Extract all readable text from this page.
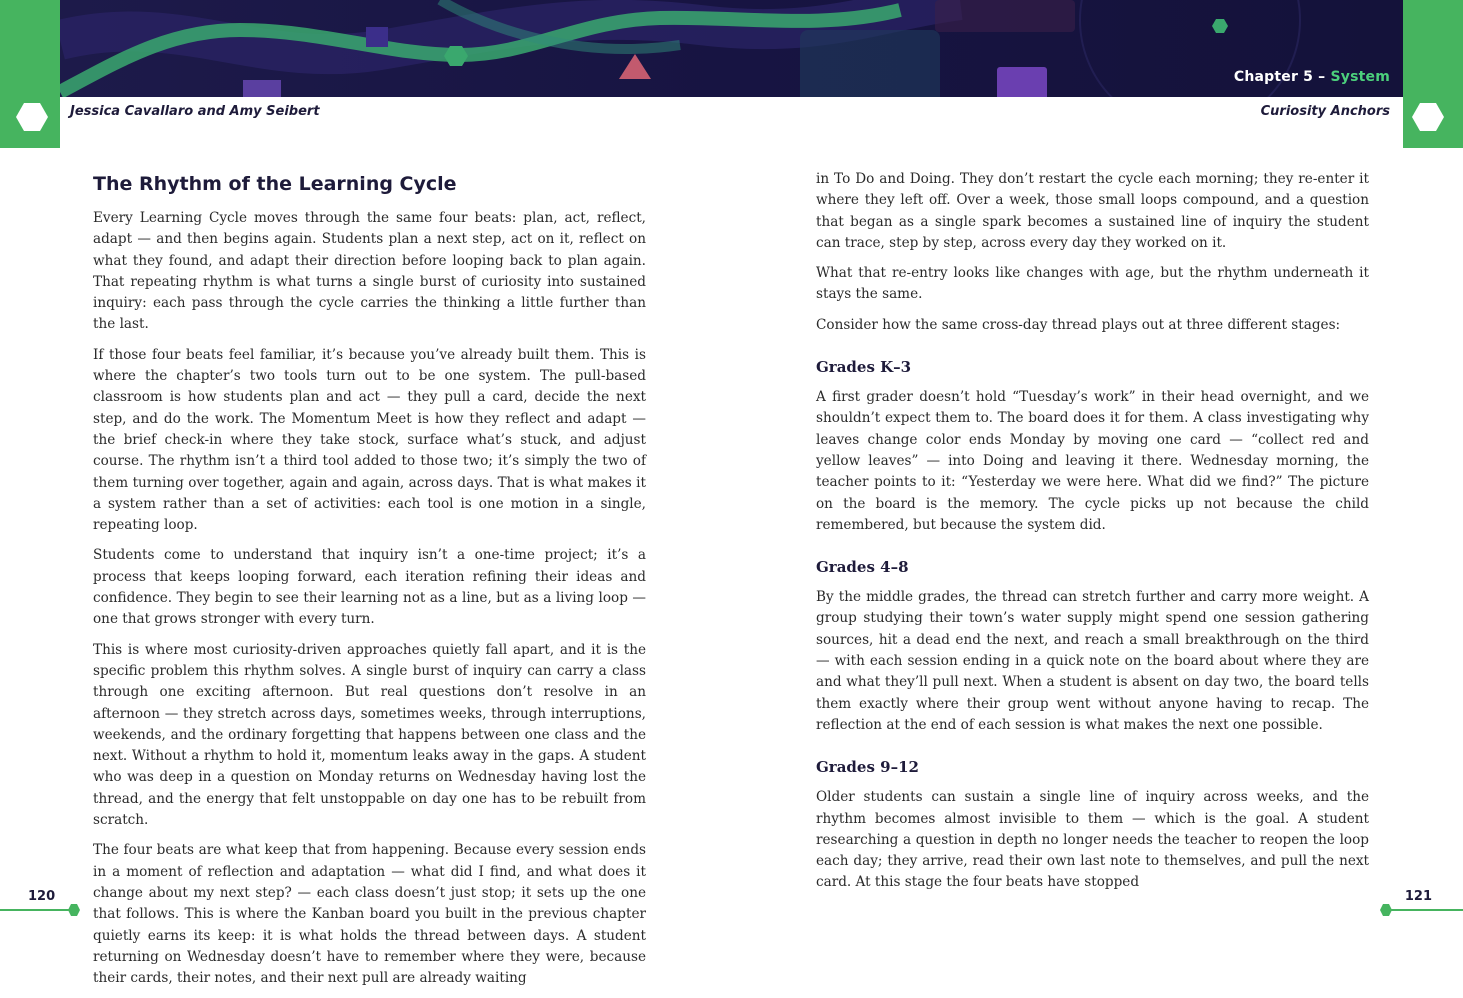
Chapter 5 – System
Jessica Cavallaro and Amy Seibert	Curiosity Anchors
The Rhythm of the Learning Cycle

Every Learning Cycle moves through the same four beats: plan, act, reflect, adapt — and then begins again. Students plan a next step, act on it, reflect on what they found, and adapt their direction before looping back to plan again. That repeating rhythm is what turns a single burst of curiosity into sustained inquiry: each pass through the cycle carries the thinking a little further than the last.

If those four beats feel familiar, it’s because you’ve already built them. This is where the chapter’s two tools turn out to be one system. The pull-based classroom is how students plan and act — they pull a card, decide the next step, and do the work. The Momentum Meet is how they reflect and adapt — the brief check-in where they take stock, surface what’s stuck, and adjust course. The rhythm isn’t a third tool added to those two; it’s simply the two of them turning over together, again and again, across days. That is what makes it a system rather than a set of activities: each tool is one motion in a single, repeating loop.

Students come to understand that inquiry isn’t a one-time project; it’s a process that keeps looping forward, each iteration refining their ideas and confidence. They begin to see their learning not as a line, but as a living loop — one that grows stronger with every turn.

This is where most curiosity-driven approaches quietly fall apart, and it is the specific problem this rhythm solves. A single burst of inquiry can carry a class through one exciting afternoon. But real questions don’t resolve in an afternoon — they stretch across days, sometimes weeks, through interruptions, weekends, and the ordinary forgetting that happens between one class and the next. Without a rhythm to hold it, momentum leaks away in the gaps. A student who was deep in a question on Monday returns on Wednesday having lost the thread, and the energy that felt unstoppable on day one has to be rebuilt from scratch.

The four beats are what keep that from happening. Because every session ends in a moment of reflection and adaptation — what did I find, and what does it change about my next step? — each class doesn’t just stop; it sets up the one that follows. This is where the Kanban board you built in the previous chapter quietly earns its keep: it is what holds the thread between days. A student returning on Wednesday doesn’t have to remember where they were, because their cards, their notes, and their next pull are already waiting

in To Do and Doing. They don’t restart the cycle each morning; they re-enter it where they left off. Over a week, those small loops compound, and a question that began as a single spark becomes a sustained line of inquiry the student can trace, step by step, across every day they worked on it.

What that re-entry looks like changes with age, but the rhythm underneath it stays the same.

Consider how the same cross-day thread plays out at three different stages:

Grades K–3

A first grader doesn’t hold “Tuesday’s work” in their head overnight, and we shouldn’t expect them to. The board does it for them. A class investigating why leaves change color ends Monday by moving one card — “collect red and yellow leaves” — into Doing and leaving it there. Wednesday morning, the teacher points to it: “Yesterday we were here. What did we find?” The picture on the board is the memory. The cycle picks up not because the child remembered, but because the system did.

Grades 4–8

By the middle grades, the thread can stretch further and carry more weight. A group studying their town’s water supply might spend one session gathering sources, hit a dead end the next, and reach a small breakthrough on the third — with each session ending in a quick note on the board about where they are and what they’ll pull next. When a student is absent on day two, the board tells them exactly where their group went without anyone having to recap. The reflection at the end of each session is what makes the next one possible.

Grades 9–12

Older students can sustain a single line of inquiry across weeks, and the rhythm becomes almost invisible to them — which is the goal. A student researching a question in depth no longer needs the teacher to reopen the loop each day; they arrive, read their own last note to themselves, and pull the next card. At this stage the four beats have stopped

120	121
